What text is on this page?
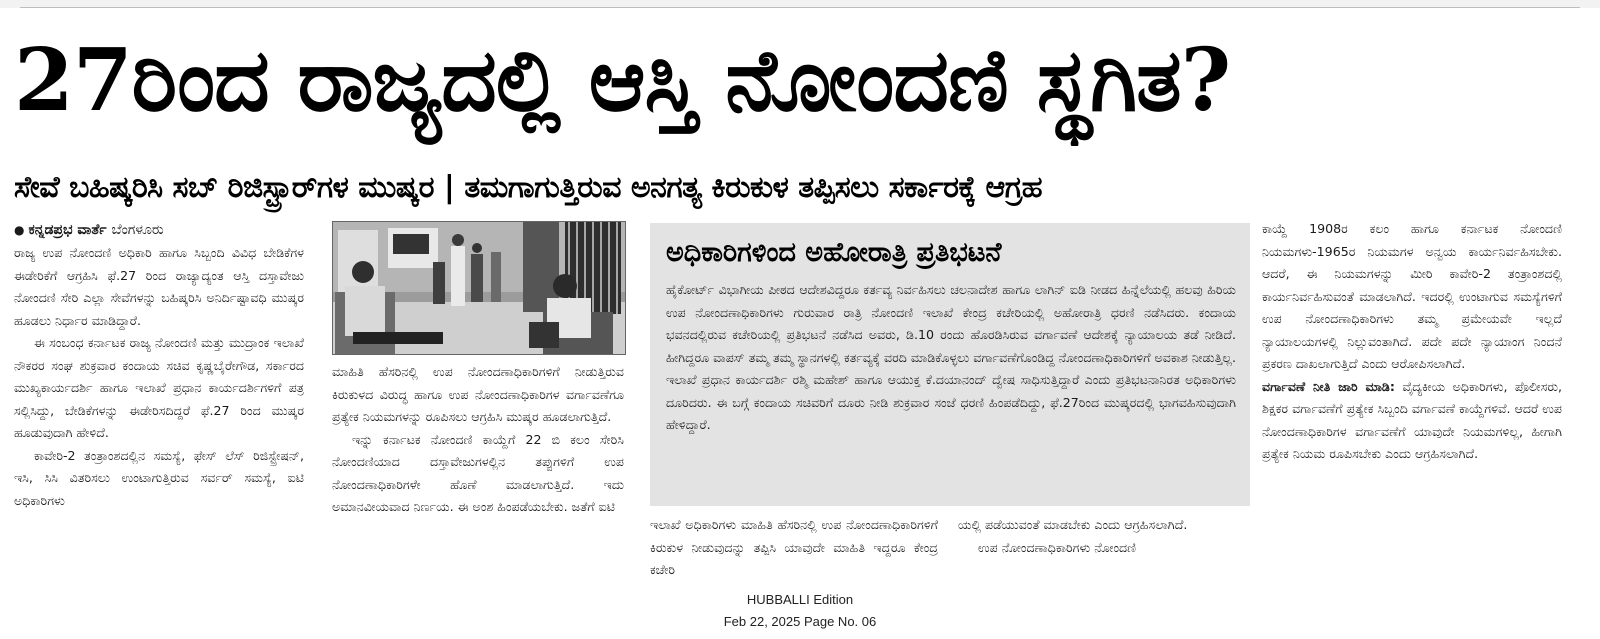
27ರಿಂದ ರಾಜ್ಯದಲ್ಲಿ ಆಸ್ತಿ ನೋಂದಣಿ ಸ್ಥಗಿತ?
ಸೇವೆ ಬಹಿಷ್ಕರಿಸಿ ಸಬ್ ರಿಜಿಸ್ಟ್ರಾರ್‌ಗಳ ಮುಷ್ಕರ | ತಮಗಾಗುತ್ತಿರುವ ಅನಗತ್ಯ ಕಿರುಕುಳ ತಪ್ಪಿಸಲು ಸರ್ಕಾರಕ್ಕೆ ಆಗ್ರಹ
● ಕನ್ನಡಪ್ರಭ ವಾರ್ತೆ ಬೆಂಗಳೂರು

ರಾಜ್ಯ ಉಪ ನೋಂದಣಿ ಅಧಿಕಾರಿ ಹಾಗೂ ಸಿಬ್ಬಂದಿ ವಿವಿಧ ಬೇಡಿಕೆಗಳ ಈಡೇರಿಕೆಗೆ ಆಗ್ರಹಿಸಿ ಫೆ.27 ರಿಂದ ರಾಜ್ಯಾದ್ಯಂತ ಆಸ್ತಿ ದಸ್ತಾವೇಜು ನೋಂದಣಿ ಸೇರಿ ಎಲ್ಲಾ ಸೇವೆಗಳನ್ನು ಬಹಿಷ್ಕರಿಸಿ ಅನಿರ್ದಿಷ್ಟಾವಧಿ ಮುಷ್ಕರ ಹೂಡಲು ನಿರ್ಧಾರ ಮಾಡಿದ್ದಾರೆ.

ಈ ಸಂಬಂಧ ಕರ್ನಾಟಕ ರಾಜ್ಯ ನೋಂದಣಿ ಮತ್ತು ಮುದ್ರಾಂಕ ಇಲಾಖೆ ನೌಕರರ ಸಂಘ ಶುಕ್ರವಾರ ಕಂದಾಯ ಸಚಿವ ಕೃಷ್ಣಬೈರೇಗೌಡ, ಸರ್ಕಾರದ ಮುಖ್ಯಕಾರ್ಯದರ್ಶಿ ಹಾಗೂ ಇಲಾಖೆ ಪ್ರಧಾನ ಕಾರ್ಯದರ್ಶಿಗಳಿಗೆ ಪತ್ರ ಸಲ್ಲಿಸಿದ್ದು, ಬೇಡಿಕೆಗಳನ್ನು ಈಡೇರಿಸದಿದ್ದರೆ ಫೆ.27 ರಿಂದ ಮುಷ್ಕರ ಹೂಡುವುದಾಗಿ ಹೇಳಿದೆ.

ಕಾವೇರಿ-2 ತಂತ್ರಾಂಶದಲ್ಲಿನ ಸಮಸ್ಯೆ, ಫೇಸ್ ಲೆಸ್ ರಿಜಿಸ್ಟ್ರೇಷನ್, ಇಸಿ, ಸಿಸಿ ವಿತರಿಸಲು ಉಂಟಾಗುತ್ತಿರುವ ಸರ್ವರ್ ಸಮಸ್ಯೆ, ಐಟಿ ಅಧಿಕಾರಿಗಳು

ಮಾಹಿತಿ ಹೆಸರಿನಲ್ಲಿ ಉಪ ನೋಂದಣಾಧಿಕಾರಿಗಳಿಗೆ ನೀಡುತ್ತಿರುವ ಕಿರುಕುಳದ ವಿರುದ್ಧ ಹಾಗೂ ಉಪ ನೋಂದಣಾಧಿಕಾರಿಗಳ ವರ್ಗಾವಣೆಗೂ ಪ್ರತ್ಯೇಕ ನಿಯಮಗಳನ್ನು ರೂಪಿಸಲು ಆಗ್ರಹಿಸಿ ಮುಷ್ಕರ ಹೂಡಲಾಗುತ್ತಿದೆ.

ಇನ್ನು ಕರ್ನಾಟಕ ನೋಂದಣಿ ಕಾಯ್ದೆಗೆ 22 ಬಿ ಕಲಂ ಸೇರಿಸಿ ನೋಂದಣಿಯಾದ ದಸ್ತಾವೇಜುಗಳಲ್ಲಿನ ತಪ್ಪುಗಳಿಗೆ ಉಪ ನೋಂದಣಾಧಿಕಾರಿಗಳೇ ಹೊಣೆ ಮಾಡಲಾಗುತ್ತಿದೆ. ಇದು ಅಮಾನವೀಯವಾದ ನಿರ್ಣಯ. ಈ ಅಂಶ ಹಿಂಪಡೆಯಬೇಕು. ಜತೆಗೆ ಐಟಿ

ಅಧಿಕಾರಿಗಳಿಂದ ಅಹೋರಾತ್ರಿ ಪ್ರತಿಭಟನೆ
ಹೈಕೋರ್ಟ್ ವಿಭಾಗೀಯ ಪೀಠದ ಆದೇಶವಿದ್ದರೂ ಕರ್ತವ್ಯ ನಿರ್ವಹಿಸಲು ಚಲನಾದೇಶ ಹಾಗೂ ಲಾಗಿನ್ ಐಡಿ ನೀಡದ ಹಿನ್ನೆಲೆಯಲ್ಲಿ ಹಲವು ಹಿರಿಯ ಉಪ ನೋಂದಣಾಧಿಕಾರಿಗಳು ಗುರುವಾರ ರಾತ್ರಿ ನೋಂದಣಿ ಇಲಾಖೆ ಕೇಂದ್ರ ಕಚೇರಿಯಲ್ಲಿ ಅಹೋರಾತ್ರಿ ಧರಣಿ ನಡೆಸಿದರು. ಕಂದಾಯ ಭವನದಲ್ಲಿರುವ ಕಚೇರಿಯಲ್ಲಿ ಪ್ರತಿಭಟನೆ ನಡೆಸಿದ ಅವರು, ಡಿ.10 ರಂದು ಹೊರಡಿಸಿರುವ ವರ್ಗಾವಣೆ ಆದೇಶಕ್ಕೆ ನ್ಯಾಯಾಲಯ ತಡೆ ನೀಡಿದೆ. ಹೀಗಿದ್ದರೂ ವಾಪಸ್ ತಮ್ಮ ತಮ್ಮ ಸ್ಥಾನಗಳಲ್ಲಿ ಕರ್ತವ್ಯಕ್ಕೆ ವರದಿ ಮಾಡಿಕೊಳ್ಳಲು ವರ್ಗಾವಣೆಗೊಂಡಿದ್ದ ನೋಂದಣಾಧಿಕಾರಿಗಳಿಗೆ ಅವಕಾಶ ನೀಡುತ್ತಿಲ್ಲ. ಇಲಾಖೆ ಪ್ರಧಾನ ಕಾರ್ಯದರ್ಶಿ ರಶ್ಮಿ ಮಹೇಶ್ ಹಾಗೂ ಆಯುಕ್ತ ಕೆ.ದಯಾನಂದ್ ದ್ವೇಷ ಸಾಧಿಸುತ್ತಿದ್ದಾರೆ ಎಂದು ಪ್ರತಿಭಟನಾನಿರತ ಅಧಿಕಾರಿಗಳು ದೂರಿದರು. ಈ ಬಗ್ಗೆ ಕಂದಾಯ ಸಚಿವರಿಗೆ ದೂರು ನೀಡಿ ಶುಕ್ರವಾರ ಸಂಜೆ ಧರಣಿ ಹಿಂಪಡೆದಿದ್ದು, ಫೆ.27ರಿಂದ ಮುಷ್ಕರದಲ್ಲಿ ಭಾಗವಹಿಸುವುದಾಗಿ ಹೇಳಿದ್ದಾರೆ.

ಇಲಾಖೆ ಅಧಿಕಾರಿಗಳು ಮಾಹಿತಿ ಹೆಸರಿನಲ್ಲಿ ಉಪ ನೋಂದಣಾಧಿಕಾರಿಗಳಿಗೆ ಕಿರುಕುಳ ನೀಡುವುದನ್ನು ತಪ್ಪಿಸಿ ಯಾವುದೇ ಮಾಹಿತಿ ಇದ್ದರೂ ಕೇಂದ್ರ ಕಚೇರಿ

ಯಲ್ಲಿ ಪಡೆಯುವಂತೆ ಮಾಡಬೇಕು ಎಂದು ಆಗ್ರಹಿಸಲಾಗಿದೆ.

ಉಪ ನೋಂದಣಾಧಿಕಾರಿಗಳು ನೋಂದಣಿ

ಕಾಯ್ದೆ 1908ರ ಕಲಂ ಹಾಗೂ ಕರ್ನಾಟಕ ನೋಂದಣಿ ನಿಯಮಗಳು-1965ರ ನಿಯಮಗಳ ಅನ್ವಯ ಕಾರ್ಯನಿರ್ವಹಿಸಬೇಕು. ಆದರೆ, ಈ ನಿಯಮಗಳನ್ನು ಮೀರಿ ಕಾವೇರಿ-2 ತಂತ್ರಾಂಶದಲ್ಲಿ ಕಾರ್ಯನಿರ್ವಹಿಸುವಂತೆ ಮಾಡಲಾಗಿದೆ. ಇದರಲ್ಲಿ ಉಂಟಾಗುವ ಸಮಸ್ಯೆಗಳಿಗೆ ಉಪ ನೋಂದಣಾಧಿಕಾರಿಗಳು ತಮ್ಮ ಪ್ರಮೇಯವೇ ಇಲ್ಲದೆ ನ್ಯಾಯಾಲಯಗಳಲ್ಲಿ ನಿಲ್ಲುವಂತಾಗಿದೆ. ಪದೇ ಪದೇ ನ್ಯಾಯಾಂಗ ನಿಂದನೆ ಪ್ರಕರಣ ದಾಖಲಾಗುತ್ತಿದೆ ಎಂದು ಆರೋಪಿಸಲಾಗಿದೆ.

ವರ್ಗಾವಣೆ ನೀತಿ ಜಾರಿ ಮಾಡಿ: ವೈದ್ಯಕೀಯ ಅಧಿಕಾರಿಗಳು, ಪೊಲೀಸರು, ಶಿಕ್ಷಕರ ವರ್ಗಾವಣೆಗೆ ಪ್ರತ್ಯೇಕ ಸಿಬ್ಬಂದಿ ವರ್ಗಾವಣೆ ಕಾಯ್ದೆಗಳಿವೆ. ಆದರೆ ಉಪ ನೋಂದಣಾಧಿಕಾರಿಗಳ ವರ್ಗಾವಣೆಗೆ ಯಾವುದೇ ನಿಯಮಗಳಿಲ್ಲ, ಹೀಗಾಗಿ ಪ್ರತ್ಯೇಕ ನಿಯಮ ರೂಪಿಸಬೇಕು ಎಂದು ಆಗ್ರಹಿಸಲಾಗಿದೆ.

HUBBALLI Edition
Feb 22, 2025 Page No. 06
